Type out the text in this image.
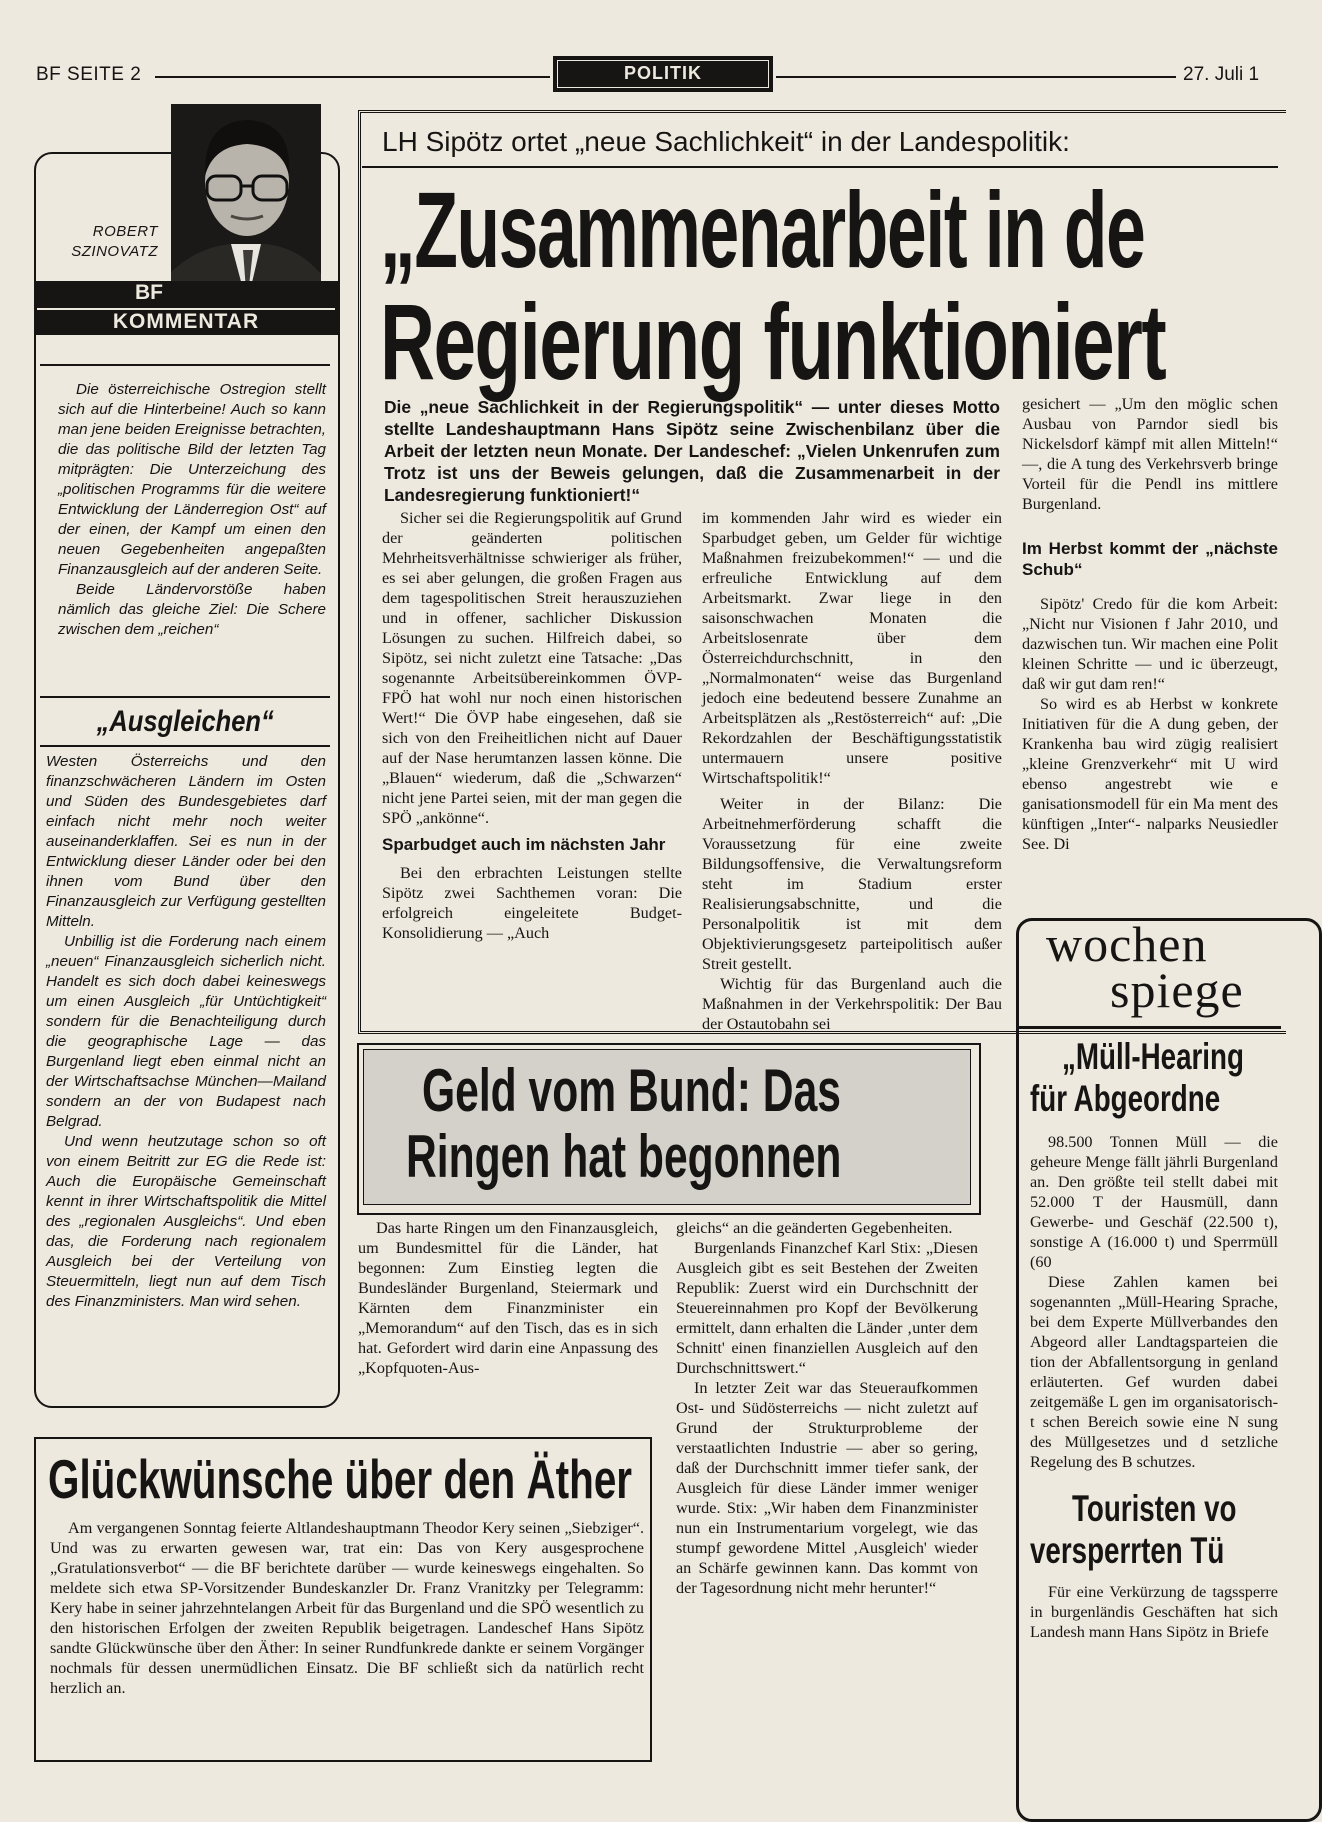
BF SEITE 2	POLITIK	27. Juli 1
ROBERT
SZINOVATZ
BF
KOMMENTAR

Die österreichische Ostregion stellt sich auf die Hinterbeine! Auch so kann man jene beiden Ereignisse betrachten, die das politische Bild der letzten Tag mitprägten: Die Unterzeichung des „politischen Programms für die weitere Entwicklung der Länderregion Ost“ auf der einen, der Kampf um einen den neuen Gegebenheiten angepaßten Finanzausgleich auf der anderen Seite.

Beide Ländervorstöße haben nämlich das gleiche Ziel: Die Schere zwischen dem „reichen“

„Ausgleichen“

Westen Österreichs und den finanzschwächeren Ländern im Osten und Süden des Bundesgebietes darf einfach nicht mehr noch weiter auseinanderklaffen. Sei es nun in der Entwicklung dieser Länder oder bei den ihnen vom Bund über den Finanzausgleich zur Verfügung gestellten Mitteln.

Unbillig ist die Forderung nach einem „neuen“ Finanzausgleich sicherlich nicht. Handelt es sich doch dabei keineswegs um einen Ausgleich „für Untüchtigkeit“ sondern für die Benachteiligung durch die geographische Lage — das Burgenland liegt eben einmal nicht an der Wirtschaftsachse München—Mailand sondern an der von Budapest nach Belgrad.

Und wenn heutzutage schon so oft von einem Beitritt zur EG die Rede ist: Auch die Europäische Gemeinschaft kennt in ihrer Wirtschaftspolitik die Mittel des „regionalen Ausgleichs“. Und eben das, die Forderung nach regionalem Ausgleich bei der Verteilung von Steuermitteln, liegt nun auf dem Tisch des Finanzministers. Man wird sehen.

LH Sipötz ortet „neue Sachlichkeit“ in der Landespolitik:
„Zusammenarbeit in de
Regierung funktioniert
Die „neue Sachlichkeit in der Regierungspolitik“ — unter dieses Motto stellte Landeshauptmann Hans Sipötz seine Zwischenbilanz über die Arbeit der letzten neun Monate. Der Landeschef: „Vielen Unkenrufen zum Trotz ist uns der Beweis gelungen, daß die Zusammenarbeit in der Landesregierung funktioniert!“

Sicher sei die Regierungspolitik auf Grund der geänderten politischen Mehrheitsverhältnisse schwieriger als früher, es sei aber gelungen, die großen Fragen aus dem tagespolitischen Streit herauszuziehen und in offener, sachlicher Diskussion Lösungen zu suchen. Hilfreich dabei, so Sipötz, sei nicht zuletzt eine Tatsache: „Das sogenannte Arbeitsübereinkommen ÖVP-FPÖ hat wohl nur noch einen historischen Wert!“ Die ÖVP habe eingesehen, daß sie sich von den Freiheitlichen nicht auf Dauer auf der Nase herumtanzen lassen könne. Die „Blauen“ wiederum, daß die „Schwarzen“ nicht jene Partei seien, mit der man gegen die SPÖ „ankönne“.

Sparbudget auch im nächsten Jahr

Bei den erbrachten Leistungen stellte Sipötz zwei Sachthemen voran: Die erfolgreich eingeleitete Budget-Konsolidierung — „Auch

im kommenden Jahr wird es wieder ein Sparbudget geben, um Gelder für wichtige Maßnahmen freizubekommen!“ — und die erfreuliche Entwicklung auf dem Arbeitsmarkt. Zwar liege in den saisonschwachen Monaten die Arbeitslosenrate über dem Österreichdurchschnitt, in den „Normalmonaten“ weise das Burgenland jedoch eine bedeutend bessere Zunahme an Arbeitsplätzen als „Restösterreich“ auf: „Die Rekordzahlen der Beschäftigungsstatistik untermauern unsere positive Wirtschaftspolitik!“

Weiter in der Bilanz: Die Arbeitnehmerförderung schafft die Voraussetzung für eine zweite Bildungsoffensive, die Verwaltungsreform steht im Stadium erster Realisierungsabschnitte, und die Personalpolitik ist mit dem Objektivierungsgesetz parteipolitisch außer Streit gestellt.

Wichtig für das Burgenland auch die Maßnahmen in der Verkehrspolitik: Der Bau der Ostautobahn sei

gesichert — „Um den möglic schen Ausbau von Parndor siedl bis Nickelsdorf kämpf mit allen Mitteln!“ —, die A tung des Verkehrsverb bringe Vorteil für die Pendl ins mittlere Burgenland.

Im Herbst kommt der „nächste Schub“

Sipötz' Credo für die kom Arbeit: „Nicht nur Visionen f Jahr 2010, und dazwischen tun. Wir machen eine Polit kleinen Schritte — und ic überzeugt, daß wir gut dam ren!“

So wird es ab Herbst w konkrete Initiativen für die A dung geben, der Krankenha bau wird zügig realisiert „kleine Grenzverkehr“ mit U wird ebenso angestrebt wie e ganisationsmodell für ein Ma ment des künftigen „Inter“- nalparks Neusiedler See. Di

wochen
spiege
„Müll-Hearing
für Abgeordne

98.500 Tonnen Müll — die geheure Menge fällt jährli Burgenland an. Den größte teil stellt dabei mit 52.000 T der Hausmüll, dann Gewerbe- und Geschäf (22.500 t), sonstige A (16.000 t) und Sperrmüll (60

Diese Zahlen kamen bei sogenannten „Müll-Hearing Sprache, bei dem Experte Müllverbandes den Abgeord aller Landtagsparteien die tion der Abfallentsorgung in genland erläuterten. Gef wurden dabei zeitgemäße L gen im organisatorisch-t schen Bereich sowie eine N sung des Müllgesetzes und d setzliche Regelung des B schutzes.

Touristen vo
versperrten Tü

Für eine Verkürzung de tagssperre in burgenländis Geschäften hat sich Landesh mann Hans Sipötz in Briefe

Geld vom Bund: Das
Ringen hat begonnen

Das harte Ringen um den Finanzausgleich, um Bundesmittel für die Länder, hat begonnen: Zum Einstieg legten die Bundesländer Burgenland, Steiermark und Kärnten dem Finanzminister ein „Memorandum“ auf den Tisch, das es in sich hat. Gefordert wird darin eine Anpassung des „Kopfquoten-Aus-

gleichs“ an die geänderten Gegebenheiten.

Burgenlands Finanzchef Karl Stix: „Diesen Ausgleich gibt es seit Bestehen der Zweiten Republik: Zuerst wird ein Durchschnitt der Steuereinnahmen pro Kopf der Bevölkerung ermittelt, dann erhalten die Länder ‚unter dem Schnitt' einen finanziellen Ausgleich auf den Durchschnittswert.“

In letzter Zeit war das Steueraufkommen Ost- und Südösterreichs — nicht zuletzt auf Grund der Strukturprobleme der verstaatlichten Industrie — aber so gering, daß der Durchschnitt immer tiefer sank, der Ausgleich für diese Länder immer weniger wurde. Stix: „Wir haben dem Finanzminister nun ein Instrumentarium vorgelegt, wie das stumpf gewordene Mittel ‚Ausgleich' wieder an Schärfe gewinnen kann. Das kommt von der Tagesordnung nicht mehr herunter!“

Glückwünsche über den Äther

Am vergangenen Sonntag feierte Altlandeshauptmann Theodor Kery seinen „Siebziger“. Und was zu erwarten gewesen war, trat ein: Das von Kery ausgesprochene „Gratulationsverbot“ — die BF berichtete darüber — wurde keineswegs eingehalten. So meldete sich etwa SP-Vorsitzender Bundeskanzler Dr. Franz Vranitzky per Telegramm: Kery habe in seiner jahrzehntelangen Arbeit für das Burgenland und die SPÖ wesentlich zu den historischen Erfolgen der zweiten Republik beigetragen. Landeschef Hans Sipötz sandte Glückwünsche über den Äther: In seiner Rundfunkrede dankte er seinem Vorgänger nochmals für dessen unermüdlichen Einsatz. Die BF schließt sich da natürlich recht herzlich an.
